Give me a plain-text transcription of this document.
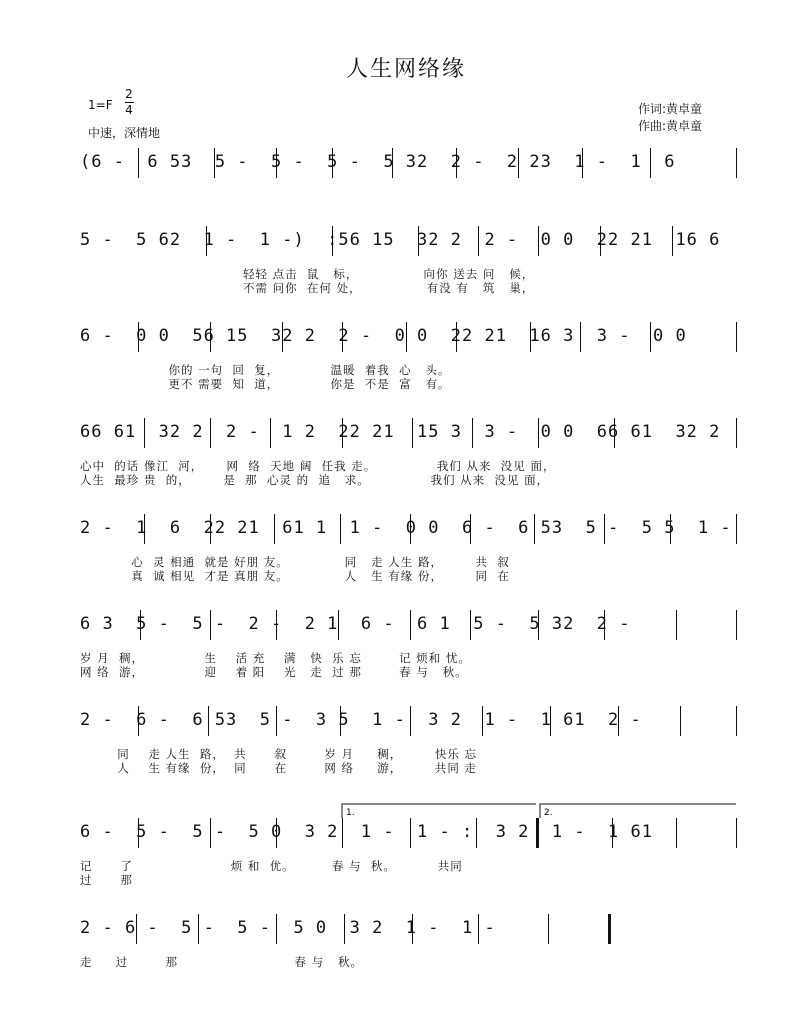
人生网络缘
1=F
2
4
中速，深情地
作词:黄卓童
作曲:黄卓童
(6 -  6 53  5 -  5 -  5 -  5 32  2 -  2 23  1 -  1  6
5 -  5 62  1 -  1 -)  :56 15  32 2  2 -  0 0  22 21  16 6
轻轻 点击  鼠   标，              向你 送去 问   候，
不需 问你  在何 处，              有没 有   筑   巢，
6 -  0 0  56 15  32 2  2 -  0 0  22 21  16 3  3 -  0 0
你的 一句  回  复，           温暖  着我  心   头。
更不 需要  知  道，           你是  不是  富   有。
66 61  32 2  2 -  1 2  22 21  15 3  3 -  0 0  66 61  32 2
心中  的话 像江  河，     网  络  天地 阔  任我 走。             我们 从来  没见 面，
人生  最珍 贵  的，       是  那  心灵 的  追   求。             我们 从来  没见 面，
2 -  1  6  22 21  61 1  1 -  0 0  6 -  6 53  5 -  5 5  1 -
心  灵 相通  就是 好朋 友。            同   走 人生 路，       共  叙
真  诚 相见  才是 真朋 友。            人   生 有缘 份，       同  在
6 3  5 -  5 -  2 -  2 1  6 -  6 1  5 -  5 32  2 -
岁 月  稠，             生    活 充    满   快  乐 忘        记 烦和 忧。
网 络  游，             迎    着 阳    光   走  过 那        春 与   秋。
2 -  6 -  6 53  5 -  3 5  1 -  3 2  1 -  1 61  2 -
同    走 人生  路，  共      叙        岁 月     稠，       快乐 忘
人    生 有缘  份，  同      在        网 络     游，       共同 走
1.	2.
6 -  5 -  5 -  5 0  3 2  1 -  1 - :  3 2  1 -  1 61
记      了                     烦 和  优。        春 与  秋。         共同
过      那
2 - 6 -  5 -  5 -  5 0  3 2  1 -  1 -
走     过        那                         春 与   秋。
